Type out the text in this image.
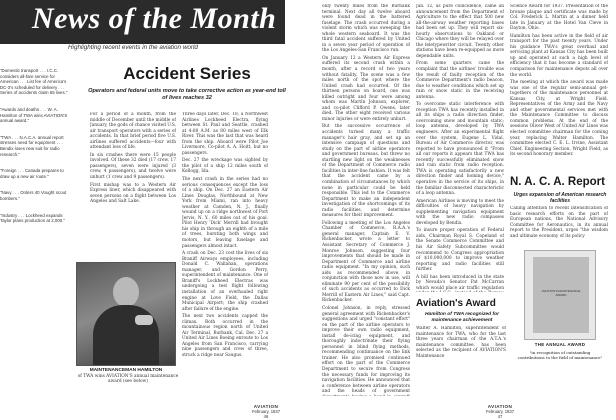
News of the Month
Highlighting recent events in the aviation world
"Domestic transport . . . I.C.C. considers all-fare service for American . . . List fee of America's DC-3's scheduled for delivery . . . Series of accidents claim 65 lives."
"Awards and deaths . . . W. A. Hamilton of TWA wins AVIATION'S annual award."
"TWA . . . N.A.C.A. annual report stresses need for equipment . . . Bendix loses new suit for radio research."
"Foreign . . . Canada prepares to draw up a new air route."
"Navy . . . Orders 40 Vought scout bombers."
"Industry . . . Lockheed expands Taylor plans production at 2,000."
Accident Series
Operators and federal units move to take corrective action as year-end toll of lives reaches 32

For a period of a month, from the middle of December until the middle of January, the gods of chance visited U.S. air transport operators with a series of accidents. In that brief period five U.S. airlines suffered accidents—four with attendant loss of life.

In six crashes there were 15 people involved. Of these 32 died (17 crew, 17 passengers), seven were injured (3 crew, 4 passengers), and twelve were unhurt (1 crew and 9 passengers).

First mishap was to a Western Air Express liner, which disappeared with seven persons on a flight between Los Angeles and Salt Lake.

Three days later, Dec. 18, a Northwest Airlines Lockheed Electra, flying between St. Paul and Seattle, crashed at 4:08 A.M. as 80 miles west of Elk River. This was the last that was heard from the ship. Aboard were Pilot Joe Livermore, Co-pilot A. A. Hoitt, but no passengers.

Dec. 27 the wreckage was sighted by the pilot of a ship 12 miles south of Kellogg, Ida.

The next crash in the series had no serious consequences except the loss of a ship. On Dec. 27 an Eastern Air Lines Douglas, Northbound at New York from Miami, ran into heavy weather at Camden, N. J., finally wound up on a ridge northwest of Port Jervis, N. Y., 60 miles out of his goal. Pilot Henry 'Dick' Merrill had brought his ship in through an eighth of a mile of trees, bursting both wings and motors, but leaving fuselage and passengers almost intact.

A crash on Dec. 23 cost the lives of six Braniff Airways employees, including Donald C. Wallahan, operations manager, and Gordon Perry, superintendent of maintenance. One of Braniff's Lockheed Electras was undergoing a test flight following installation of an overhauled right engine at Love Field, the Dallas Municipal Airport; the ship crashed after failure of the engine.

The next two accidents capped the climax. Both occurred in the mountainous region north of United Air Terminal, Burbank, Cal. Dec. 27 a United Air Lines Boeing enroute to Los Angeles from San Francisco, carrying nine passengers and crew of three, struck a ridge near Saugus.

MAINTENANCEMAN HAMILTON
of TWA wins AVIATION'S annual maintenance award (see below)
AVIATION
February, 1937
46

only twenty miles from the Burbank terminal. Next day all twelve aboard were found dead in the battered fuselage. The crash occurred during a violent storm which was sweeping the whole western seaboard. It was the third fatal accident suffered by United in a seven year period of operation of the Los Angeles-San Francisco run.

On January 12 a Western Air Express suffered its second crash within a month, after a record of two years without fatality. The scene was a few miles north of the spot where the United crash had occurred. Of the thirteen persons on board, one was killed outright and four were among whom was Martin Johnson, explorer, and co-pilot Clifford P. Owens, later died. The other eight received various minor injuries or were entirely unhurt.

But the successive occurrence of accidents turned many a traffic manager's hair gray, and set up an intensive campaign of questions and study on the part of airline operators and government bureaus, but threw no startling new light on the weaknesses of the Department of Commerce radio facilities in inter-line fashion. It was felt that the accident came by a combination of circumstances by which none in particular could be held responsible. This led to the Commerce Department to make an independent investigation of the shortcomings of its radio facilities, and determine measures for their improvement.

Following a meeting of the Los Angeles Chamber of Commerce, R.A.A.'s general manager, Captain E. V. Rickenbacker, wrote a letter to Assistant Secretary of Commerce J. Monroe Johnson, suggesting four improvements that should be made in Department of Commerce and airline radio equipment. "In my opinion, such aids as recommended above, in conjunction with those now in use, will eliminate 90 per cent of the possibility of such accidents as occurred to Dick Merrill of Eastern Air Lines," said Capt. Rickenbacker.

Colonel Johnson, in reply, stressed general agreement with Rickenbacker's suggestions and urged "constant effort" on the part of the airline operators to improve their own radio equipment, install de-icing equipment, and thoroughly indoctrinate their flying personnel in blind flying methods, recommending continuance on the link trainer. He also promised continued effort on the part of the Commerce Department to secure from Congress the necessary funds for improving its navigation facilities. He announced that a conference between airline operators and the heads of government

Jan. 12, as pure coincidence, came an announcement from the Department of Agriculture to the effect that 500 new all-the-airway weather reporting bases had been set up. They will report six-hourly observations to Oakland or Chicago where they will be relayed over the teletypewriter circuit. Twenty other stations have been re-equipped as more dependable units.

From some quarters came the complaint that the airlines' trouble was the result of faulty reception of the Commerce Department's radio beacon, due to weather conditions which set up rain or snow static in the receiving antenna.

To overcome static interference with reception TWA has recently installed in all its ships a radio direction finder, overcoming snow and mountain static; loop antenna, developed by TWA engineers. After an experimental flight over the system, Eugene L. Vidal, Bureau of Air Commerce director, was reported to have pronounced it "From all our reports it appears that TWA has recently successfully eliminated snow and rain static from radio reception. TWA is operating satisfactorily a new direction finder and homing device," operative in the service of its ships, in the familiar disconnected characteristic of a loop antenna.

American Airlines is moving to meet the difficulties of heavy navigation by supplementing navigation equipment with the new radio compasses developed by Bendix.

To insure proper operation of Federal aids, Chairman Royal S. Copeland of the Senate Commerce Committee and his Air Safety Subcommittee would recommend to Congress appropriation of $10,000,000 to improve weather reporting and radio facilities still further.

A bill has been introduced in the state by Nevada's Senator Pat McCarran which would place air traffic regulation

Aviation's Award
Hamilton of TWA recognized for maintenance achievement

Walter A. Hamilton, superintendent of maintenance for TWA, who for the last three years chairman of the A.T.A.'s maintenance committee, has been selected as the recipient of AVIATION'S Maintenance

Science Award for 1937. Presentation of the bronze plaque and certificate was made by Col. Frederick L. Martin at a dinner held late in January at the Hotel Van Cleve in Dayton, Ohio.

Hamilton has been active in the field of air transport for the past twenty years. Under his guidance TWA's great overhaul and servicing plant at Kansas City has been built up and operated at such a high level of efficiency that it has become a standard of comparison for maintenance depots all over the world.

The meeting at which the award was made was one of the regular semi-annual get-togethers of the maintenance personnel at Kansas City, at Wright Field. Representatives of the Army and the Navy and other governmental services met with the Maintenance Committee to discuss common problems. At the end of the sessions Oliver West of United Air Lines was elected committee chairman for the coming year, replacing Walter Hamilton. The committee elected C. E. L. Irvine, Assistant Chief, Engineering Section, Wright Field, as its second honorary member.

N. A. C. A. Report
Urges expansion of American research facilities

Calling attention to recent intensification of basic research efforts on the part of European nations, the National Advisory Committee for Aeronautics, in its annual report to the President, urges "the wisdom and ultimate economy of its policy

AVIATION'S MAINTENANCE AWARD
THE ANNUAL AWARD
"in recognition of outstanding contributions to the field of maintenance"
AVIATION
February, 1937
47
